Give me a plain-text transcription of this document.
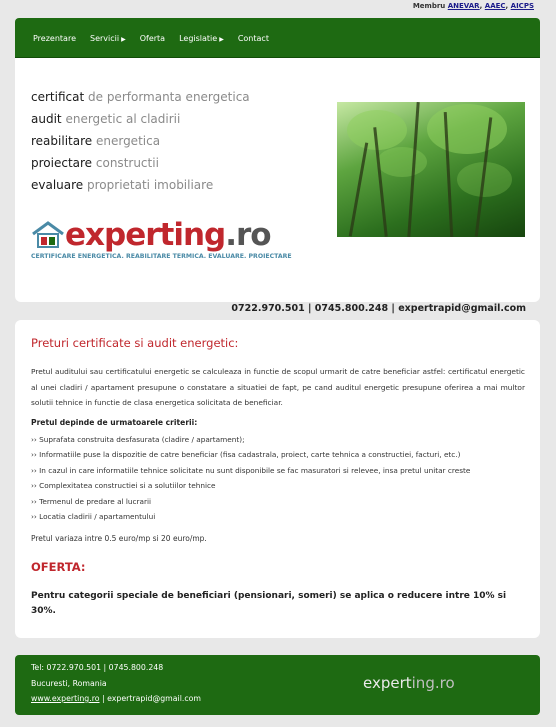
Membru ANEVAR, AAEC, AICPS
Prezentare Servicii ▶ Oferta Legislatie ▶ Contact
certificat de performanta energetica
audit energetic al cladirii
reabilitare energetica
proiectare constructii
evaluare proprietati imobiliare
experting.ro
CERTIFICARE ENERGETICA. REABILITARE TERMICA. EVALUARE. PROIECTARE
0722.970.501 | 0745.800.248 | expertrapid@gmail.com
Preturi certificate si audit energetic:
Pretul auditului sau certificatului energetic se calculeaza in functie de scopul urmarit de catre beneficiar astfel: certificatul energetic al unei cladiri / apartament presupune o constatare a situatiei de fapt, pe cand auditul energetic presupune oferirea a mai multor solutii tehnice in functie de clasa energetica solicitata de beneficiar.
Pretul depinde de urmatoarele criterii:
›› Suprafata construita desfasurata (cladire / apartament);
›› Informatiile puse la dispozitie de catre beneficiar (fisa cadastrala, proiect, carte tehnica a constructiei, facturi, etc.)
›› In cazul in care informatiile tehnice solicitate nu sunt disponibile se fac masuratori si relevee, insa pretul unitar creste
›› Complexitatea constructiei si a solutiilor tehnice
›› Termenul de predare al lucrarii
›› Locatia cladirii / apartamentului
Pretul variaza intre 0.5 euro/mp si 20 euro/mp.
OFERTA:
Pentru categorii speciale de beneficiari (pensionari, someri) se aplica o reducere intre 10% si 30%.
Tel: 0722.970.501 | 0745.800.248
Bucuresti, Romania
www.experting.ro | expertrapid@gmail.com
experting.ro
